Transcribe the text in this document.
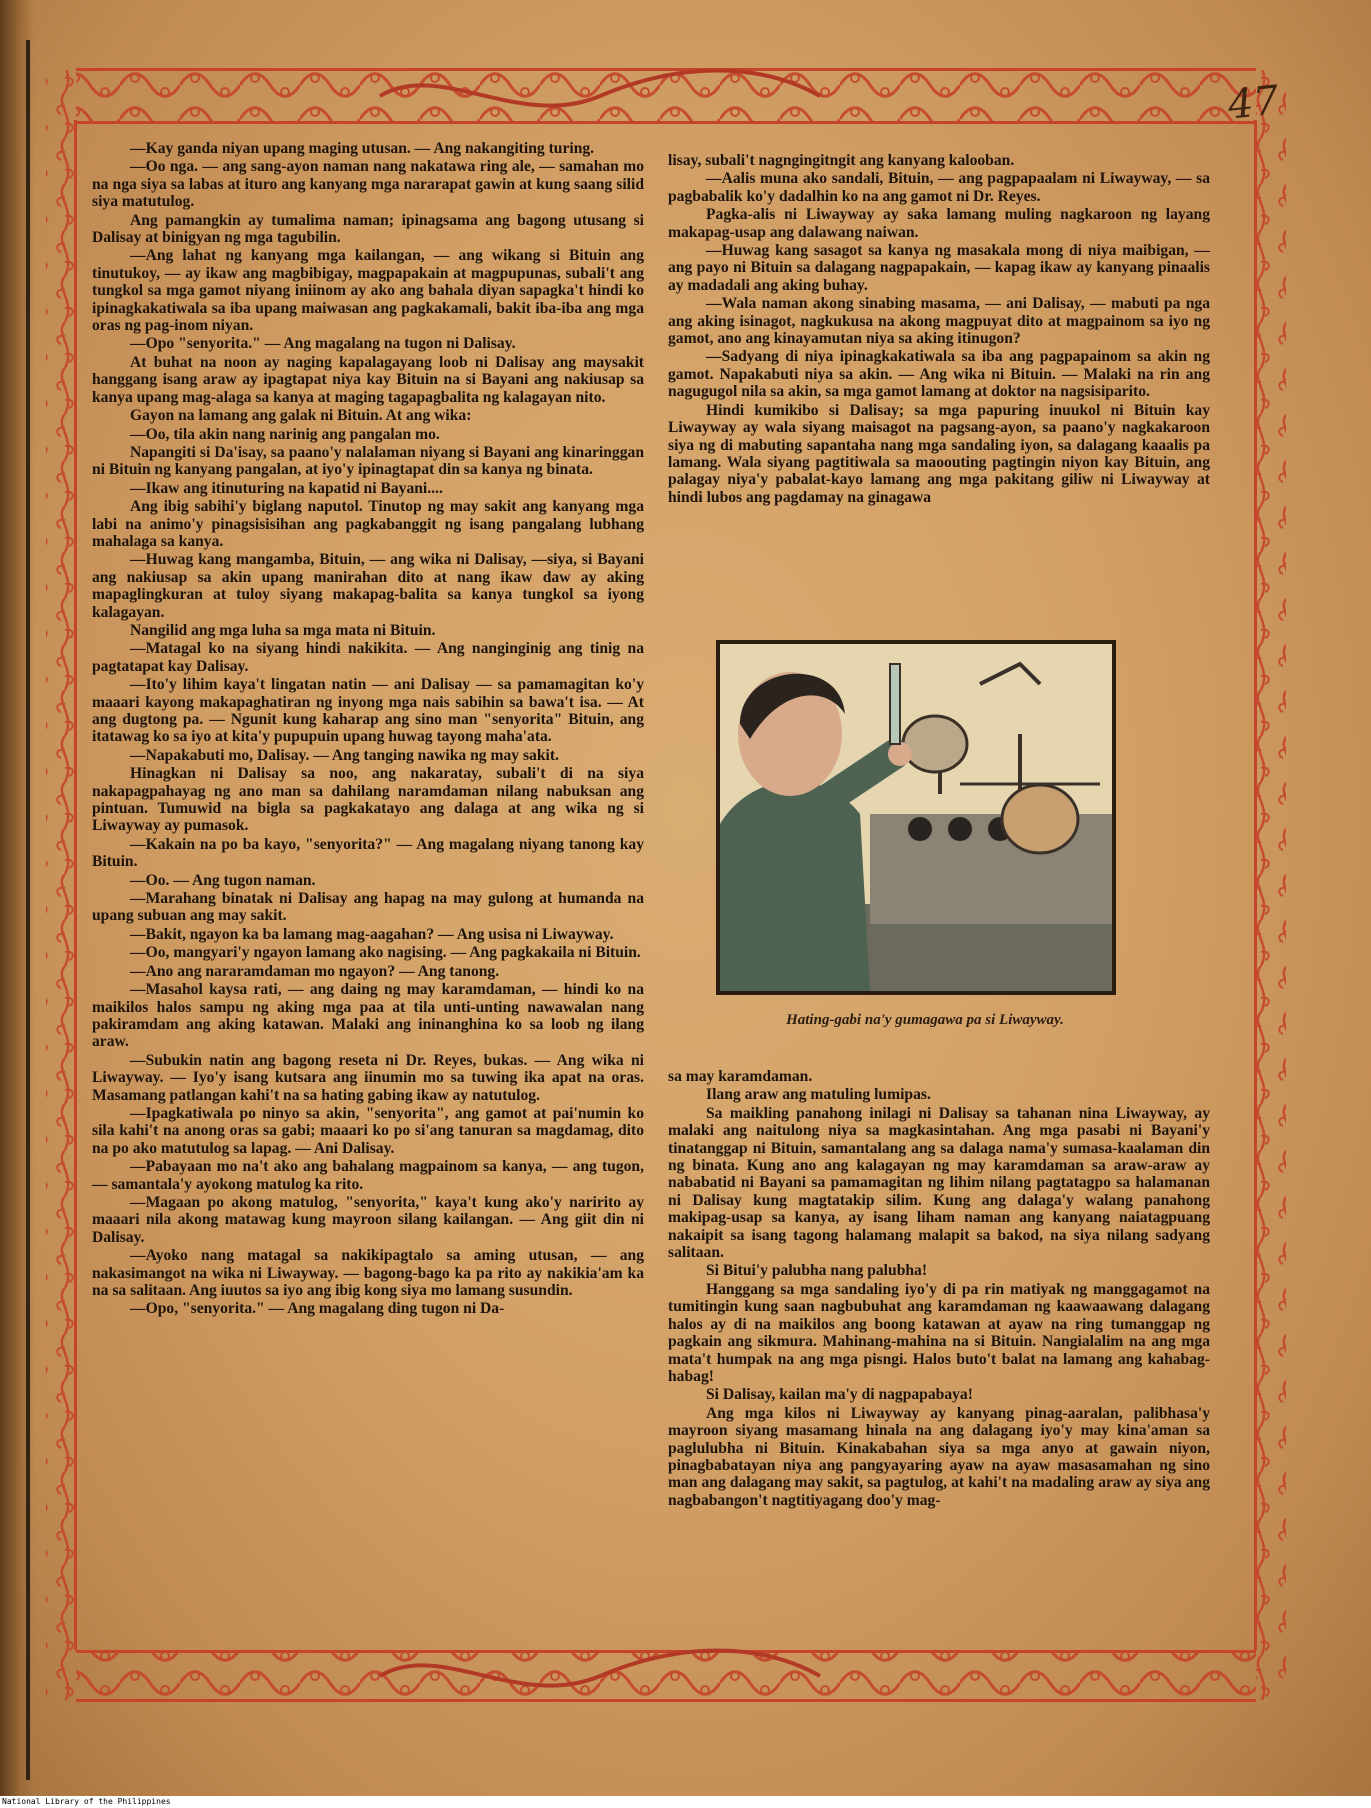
47

—Kay ganda niyan upang maging utusan. — Ang nakangiting turing.

—Oo nga. — ang sang-ayon naman nang nakatawa ring ale, — samahan mo na nga siya sa labas at ituro ang kanyang mga nararapat gawin at kung saang silid siya matutulog.

Ang pamangkin ay tumalima naman; ipinagsama ang bagong utusang si Dalisay at binigyan ng mga tagubilin.

—Ang lahat ng kanyang mga kailangan, — ang wikang si Bituin ang tinutukoy, — ay ikaw ang magbibigay, magpapakain at magpupunas, subali't ang tungkol sa mga gamot niyang iniinom ay ako ang bahala diyan sapagka't hindi ko ipinagkakatiwala sa iba upang maiwasan ang pagkakamali, bakit iba-iba ang mga oras ng pag-inom niyan.

—Opo "senyorita." — Ang magalang na tugon ni Dalisay.

At buhat na noon ay naging kapalagayang loob ni Dalisay ang maysakit hanggang isang araw ay ipagtapat niya kay Bituin na si Bayani ang nakiusap sa kanya upang mag-alaga sa kanya at maging tagapagbalita ng kalagayan nito.

Gayon na lamang ang galak ni Bituin. At ang wika:

—Oo, tila akin nang narinig ang pangalan mo.

Napangiti si Da'isay, sa paano'y nalalaman niyang si Bayani ang kinaringgan ni Bituin ng kanyang pangalan, at iyo'y ipinagtapat din sa kanya ng binata.

—Ikaw ang itinuturing na kapatid ni Bayani....

Ang ibig sabihi'y biglang naputol. Tinutop ng may sakit ang kanyang mga labi na animo'y pinagsisisihan ang pagkabanggit ng isang pangalang lubhang mahalaga sa kanya.

—Huwag kang mangamba, Bituin, — ang wika ni Dalisay, —siya, si Bayani ang nakiusap sa akin upang manirahan dito at nang ikaw daw ay aking mapaglingkuran at tuloy siyang makapag-balita sa kanya tungkol sa iyong kalagayan.

Nangilid ang mga luha sa mga mata ni Bituin.

—Matagal ko na siyang hindi nakikita. — Ang nanginginig ang tinig na pagtatapat kay Dalisay.

—Ito'y lihim kaya't lingatan natin — ani Dalisay — sa pamamagitan ko'y maaari kayong makapaghatiran ng inyong mga nais sabihin sa bawa't isa. — At ang dugtong pa. — Ngunit kung kaharap ang sino man "senyorita" Bituin, ang itatawag ko sa iyo at kita'y pupupuin upang huwag tayong maha'ata.

—Napakabuti mo, Dalisay. — Ang tanging nawika ng may sakit.

Hinagkan ni Dalisay sa noo, ang nakaratay, subali't di na siya nakapagpahayag ng ano man sa dahilang naramdaman nilang nabuksan ang pintuan. Tumuwid na bigla sa pagkakatayo ang dalaga at ang wika ng si Liwayway ay pumasok.

—Kakain na po ba kayo, "senyorita?" — Ang magalang niyang tanong kay Bituin.

—Oo. — Ang tugon naman.

—Marahang binatak ni Dalisay ang hapag na may gulong at humanda na upang subuan ang may sakit.

—Bakit, ngayon ka ba lamang mag-aagahan? — Ang usisa ni Liwayway.

—Oo, mangyari'y ngayon lamang ako nagising. — Ang pagkakaila ni Bituin.

—Ano ang nararamdaman mo ngayon? — Ang tanong.

—Masahol kaysa rati, — ang daing ng may karamdaman, — hindi ko na maikilos halos sampu ng aking mga paa at tila unti-unting nawawalan nang pakiramdam ang aking katawan. Malaki ang ininanghina ko sa loob ng ilang araw.

—Subukin natin ang bagong reseta ni Dr. Reyes, bukas. — Ang wika ni Liwayway. — Iyo'y isang kutsara ang iinumin mo sa tuwing ika apat na oras. Masamang patlangan kahi't na sa hating gabing ikaw ay natutulog.

—Ipagkatiwala po ninyo sa akin, "senyorita", ang gamot at pai'numin ko sila kahi't na anong oras sa gabi; maaari ko po si'ang tanuran sa magdamag, dito na po ako matutulog sa lapag. — Ani Dalisay.

—Pabayaan mo na't ako ang bahalang magpainom sa kanya, — ang tugon, — samantala'y ayokong matulog ka rito.

—Magaan po akong matulog, "senyorita," kaya't kung ako'y naririto ay maaari nila akong matawag kung mayroon silang kailangan. — Ang giit din ni Dalisay.

—Ayoko nang matagal sa nakikipagtalo sa aming utusan, — ang nakasimangot na wika ni Liwayway. — bagong-bago ka pa rito ay nakikia'am ka na sa salitaan. Ang iuutos sa iyo ang ibig kong siya mo lamang susundin.

—Opo, "senyorita." — Ang magalang ding tugon ni Da-

lisay, subali't nagngingitngit ang kanyang kalooban.

—Aalis muna ako sandali, Bituin, — ang pagpapaalam ni Liwayway, — sa pagbabalik ko'y dadalhin ko na ang gamot ni Dr. Reyes.

Pagka-alis ni Liwayway ay saka lamang muling nagkaroon ng layang makapag-usap ang dalawang naiwan.

—Huwag kang sasagot sa kanya ng masakala mong di niya maibigan, — ang payo ni Bituin sa dalagang nagpapakain, — kapag ikaw ay kanyang pinaalis ay madadali ang aking buhay.

—Wala naman akong sinabing masama, — ani Dalisay, — mabuti pa nga ang aking isinagot, nagkukusa na akong magpuyat dito at magpainom sa iyo ng gamot, ano ang kinayamutan niya sa aking itinugon?

—Sadyang di niya ipinagkakatiwala sa iba ang pagpapainom sa akin ng gamot. Napakabuti niya sa akin. — Ang wika ni Bituin. — Malaki na rin ang nagugugol nila sa akin, sa mga gamot lamang at doktor na nagsisiparito.

Hindi kumikibo si Dalisay; sa mga papuring inuukol ni Bituin kay Liwayway ay wala siyang maisagot na pagsang-ayon, sa paano'y nagkakaroon siya ng di mabuting sapantaha nang mga sandaling iyon, sa dalagang kaaalis pa lamang. Wala siyang pagtitiwala sa maoouting pagtingin niyon kay Bituin, ang palagay niya'y pabalat-kayo lamang ang mga pakitang giliw ni Liwayway at hindi lubos ang pagdamay na ginagawa

Hating-gabi na'y gumagawa pa si Liwayway.

sa may karamdaman.

Ilang araw ang matuling lumipas.

Sa maikling panahong inilagi ni Dalisay sa tahanan nina Liwayway, ay malaki ang naitulong niya sa magkasintahan. Ang mga pasabi ni Bayani'y tinatanggap ni Bituin, samantalang ang sa dalaga nama'y sumasa-kaalaman din ng binata. Kung ano ang kalagayan ng may karamdaman sa araw-araw ay nababatid ni Bayani sa pamamagitan ng lihim nilang pagtatagpo sa halamanan ni Dalisay kung magtatakip silim. Kung ang dalaga'y walang panahong makipag-usap sa kanya, ay isang liham naman ang kanyang naiatagpuang nakaipit sa isang tagong halamang malapit sa bakod, na siya nilang sadyang salitaan.

Si Bitui'y palubha nang palubha!

Hanggang sa mga sandaling iyo'y di pa rin matiyak ng manggagamot na tumitingin kung saan nagbubuhat ang karamdaman ng kaawaawang dalagang halos ay di na maikilos ang boong katawan at ayaw na ring tumanggap ng pagkain ang sikmura. Mahinang-mahina na si Bituin. Nangialalim na ang mga mata't humpak na ang mga pisngi. Halos buto't balat na lamang ang kahabag-habag!

Si Dalisay, kailan ma'y di nagpapabaya!

Ang mga kilos ni Liwayway ay kanyang pinag-aaralan, palibhasa'y mayroon siyang masamang hinala na ang dalagang iyo'y may kina'aman sa paglulubha ni Bituin. Kinakabahan siya sa mga anyo at gawain niyon, pinagbabatayan niya ang pangyayaring ayaw na ayaw masasamahan ng sino man ang dalagang may sakit, sa pagtulog, at kahi't na madaling araw ay siya ang nagbabangon't nagtitiyagang doo'y mag-

National Library of the Philippines
